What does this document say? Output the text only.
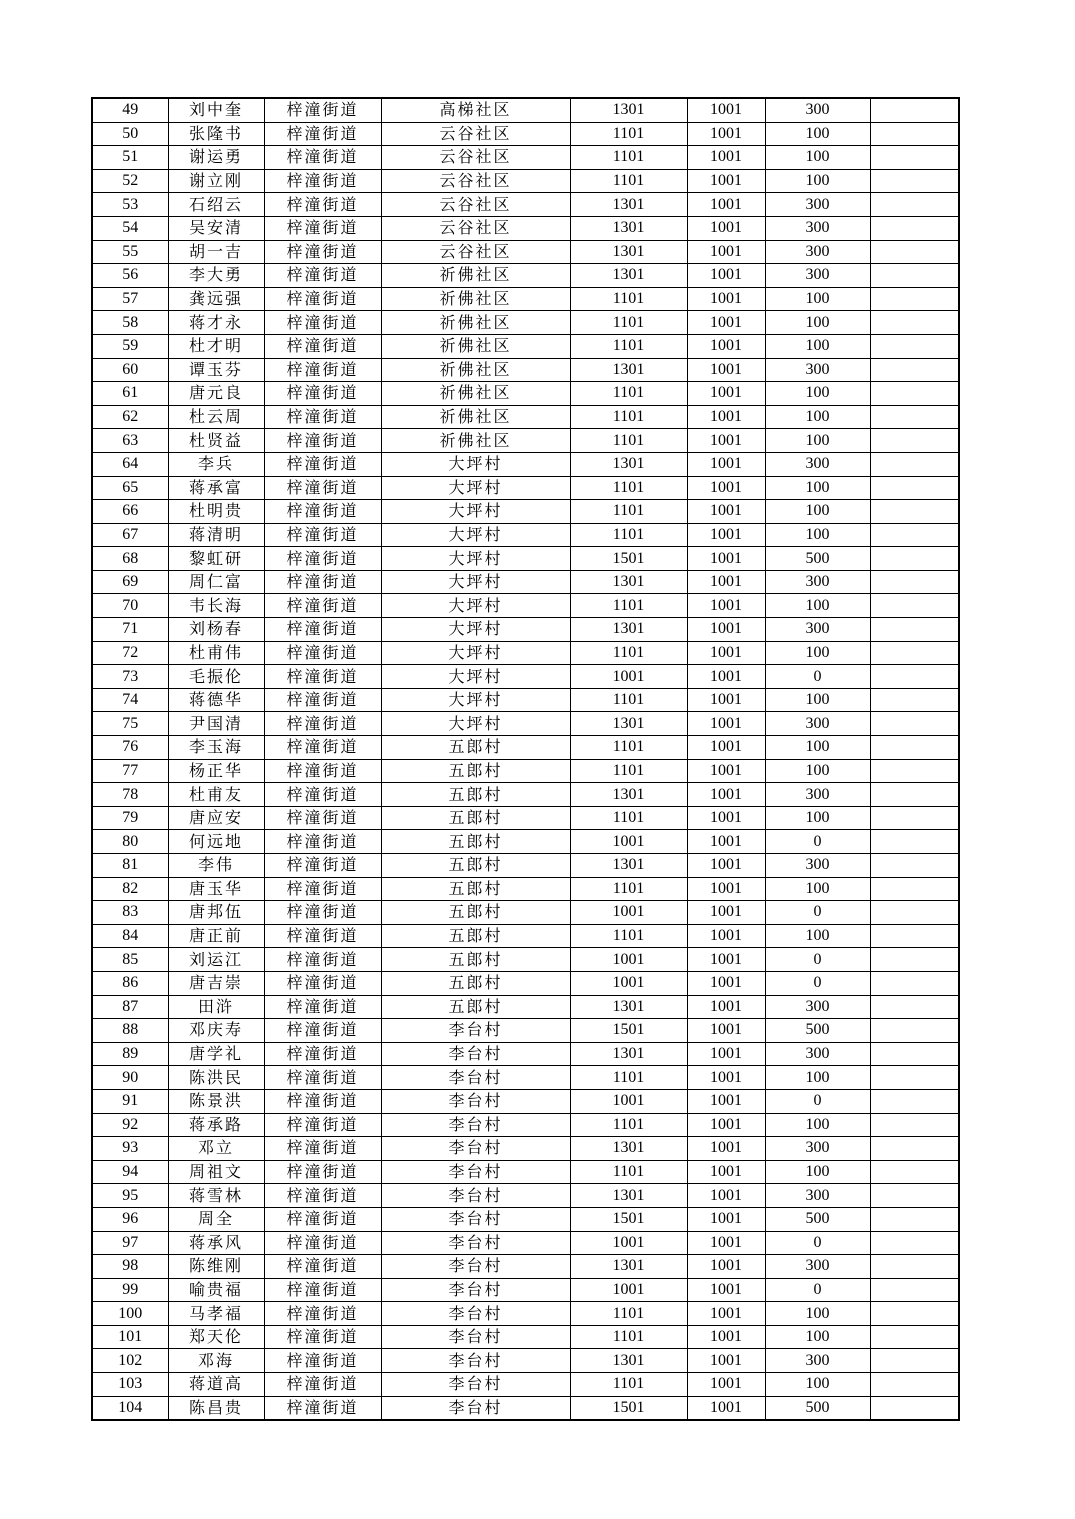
49	刘中奎	梓潼街道	高梯社区	1301	1001	300	
50	张隆书	梓潼街道	云谷社区	1101	1001	100	
51	谢运勇	梓潼街道	云谷社区	1101	1001	100	
52	谢立刚	梓潼街道	云谷社区	1101	1001	100	
53	石绍云	梓潼街道	云谷社区	1301	1001	300	
54	吴安清	梓潼街道	云谷社区	1301	1001	300	
55	胡一吉	梓潼街道	云谷社区	1301	1001	300	
56	李大勇	梓潼街道	祈佛社区	1301	1001	300	
57	龚远强	梓潼街道	祈佛社区	1101	1001	100	
58	蒋才永	梓潼街道	祈佛社区	1101	1001	100	
59	杜才明	梓潼街道	祈佛社区	1101	1001	100	
60	谭玉芬	梓潼街道	祈佛社区	1301	1001	300	
61	唐元良	梓潼街道	祈佛社区	1101	1001	100	
62	杜云周	梓潼街道	祈佛社区	1101	1001	100	
63	杜贤益	梓潼街道	祈佛社区	1101	1001	100	
64	李兵	梓潼街道	大坪村	1301	1001	300	
65	蒋承富	梓潼街道	大坪村	1101	1001	100	
66	杜明贵	梓潼街道	大坪村	1101	1001	100	
67	蒋清明	梓潼街道	大坪村	1101	1001	100	
68	黎虹研	梓潼街道	大坪村	1501	1001	500	
69	周仁富	梓潼街道	大坪村	1301	1001	300	
70	韦长海	梓潼街道	大坪村	1101	1001	100	
71	刘杨春	梓潼街道	大坪村	1301	1001	300	
72	杜甫伟	梓潼街道	大坪村	1101	1001	100	
73	毛振伦	梓潼街道	大坪村	1001	1001	0	
74	蒋德华	梓潼街道	大坪村	1101	1001	100	
75	尹国清	梓潼街道	大坪村	1301	1001	300	
76	李玉海	梓潼街道	五郎村	1101	1001	100	
77	杨正华	梓潼街道	五郎村	1101	1001	100	
78	杜甫友	梓潼街道	五郎村	1301	1001	300	
79	唐应安	梓潼街道	五郎村	1101	1001	100	
80	何远地	梓潼街道	五郎村	1001	1001	0	
81	李伟	梓潼街道	五郎村	1301	1001	300	
82	唐玉华	梓潼街道	五郎村	1101	1001	100	
83	唐邦伍	梓潼街道	五郎村	1001	1001	0	
84	唐正前	梓潼街道	五郎村	1101	1001	100	
85	刘运江	梓潼街道	五郎村	1001	1001	0	
86	唐吉崇	梓潼街道	五郎村	1001	1001	0	
87	田浒	梓潼街道	五郎村	1301	1001	300	
88	邓庆寿	梓潼街道	李台村	1501	1001	500	
89	唐学礼	梓潼街道	李台村	1301	1001	300	
90	陈洪民	梓潼街道	李台村	1101	1001	100	
91	陈景洪	梓潼街道	李台村	1001	1001	0	
92	蒋承路	梓潼街道	李台村	1101	1001	100	
93	邓立	梓潼街道	李台村	1301	1001	300	
94	周祖文	梓潼街道	李台村	1101	1001	100	
95	蒋雪林	梓潼街道	李台村	1301	1001	300	
96	周全	梓潼街道	李台村	1501	1001	500	
97	蒋承风	梓潼街道	李台村	1001	1001	0	
98	陈维刚	梓潼街道	李台村	1301	1001	300	
99	喻贵福	梓潼街道	李台村	1001	1001	0	
100	马孝福	梓潼街道	李台村	1101	1001	100	
101	郑天伦	梓潼街道	李台村	1101	1001	100	
102	邓海	梓潼街道	李台村	1301	1001	300	
103	蒋道高	梓潼街道	李台村	1101	1001	100	
104	陈昌贵	梓潼街道	李台村	1501	1001	500	
